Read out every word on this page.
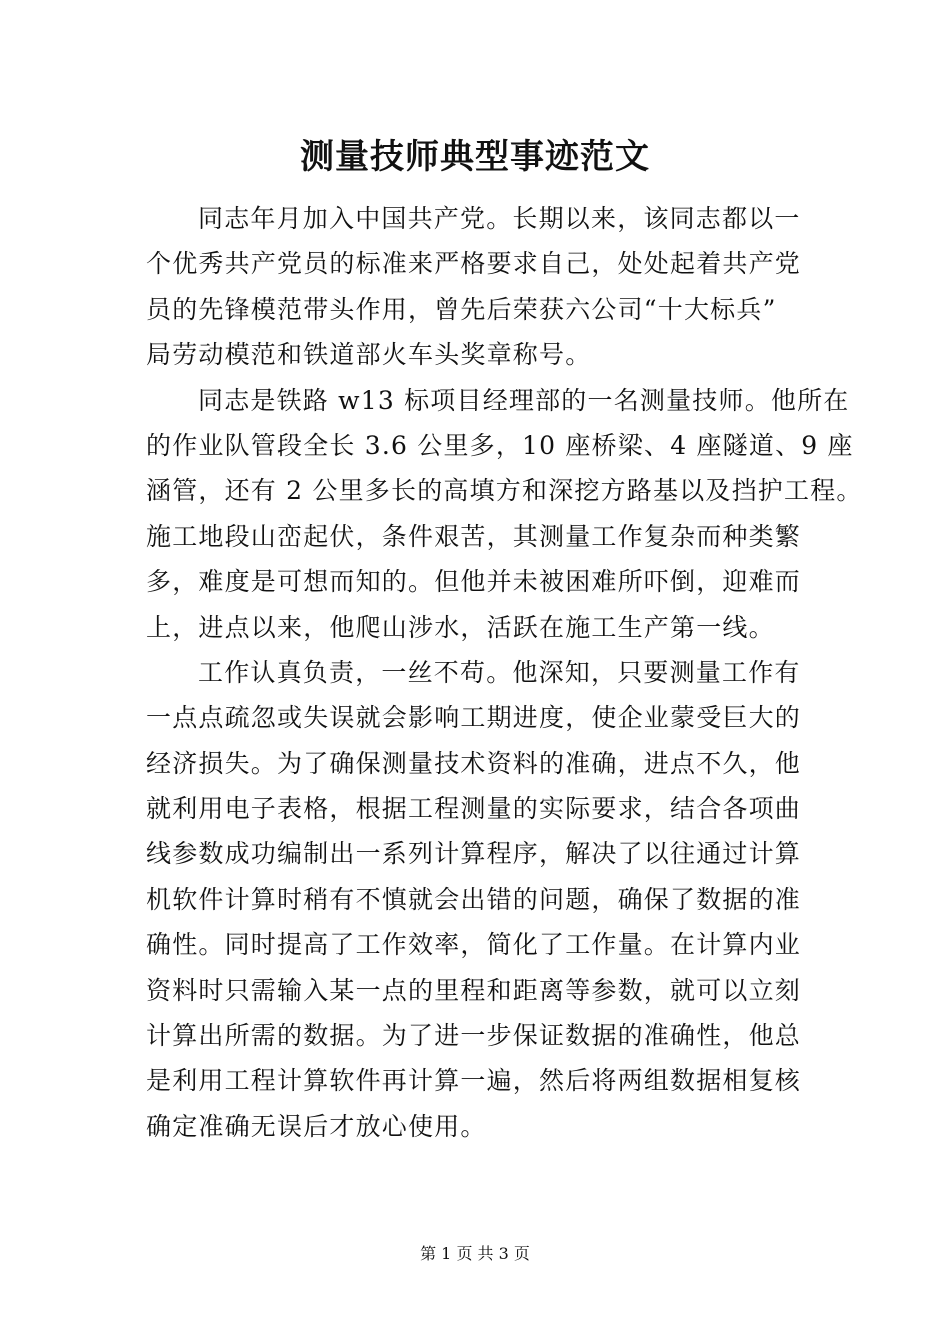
测量技师典型事迹范文
同志年月加入中国共产党。长期以来，该同志都以一
个优秀共产党员的标准来严格要求自己，处处起着共产党
员的先锋模范带头作用，曾先后荣获六公司“十大标兵”
局劳动模范和铁道部火车头奖章称号。
同志是铁路 w13 标项目经理部的一名测量技师。他所在
的作业队管段全长 3.6 公里多，10 座桥梁、4 座隧道、9 座
涵管，还有 2 公里多长的高填方和深挖方路基以及挡护工程。
施工地段山峦起伏，条件艰苦，其测量工作复杂而种类繁
多，难度是可想而知的。但他并未被困难所吓倒，迎难而
上，进点以来，他爬山涉水，活跃在施工生产第一线。
工作认真负责，一丝不苟。他深知，只要测量工作有
一点点疏忽或失误就会影响工期进度，使企业蒙受巨大的
经济损失。为了确保测量技术资料的准确，进点不久，他
就利用电子表格，根据工程测量的实际要求，结合各项曲
线参数成功编制出一系列计算程序，解决了以往通过计算
机软件计算时稍有不慎就会出错的问题，确保了数据的准
确性。同时提高了工作效率，简化了工作量。在计算内业
资料时只需输入某一点的里程和距离等参数，就可以立刻
计算出所需的数据。为了进一步保证数据的准确性，他总
是利用工程计算软件再计算一遍，然后将两组数据相复核
确定准确无误后才放心使用。
第 1 页 共 3 页
